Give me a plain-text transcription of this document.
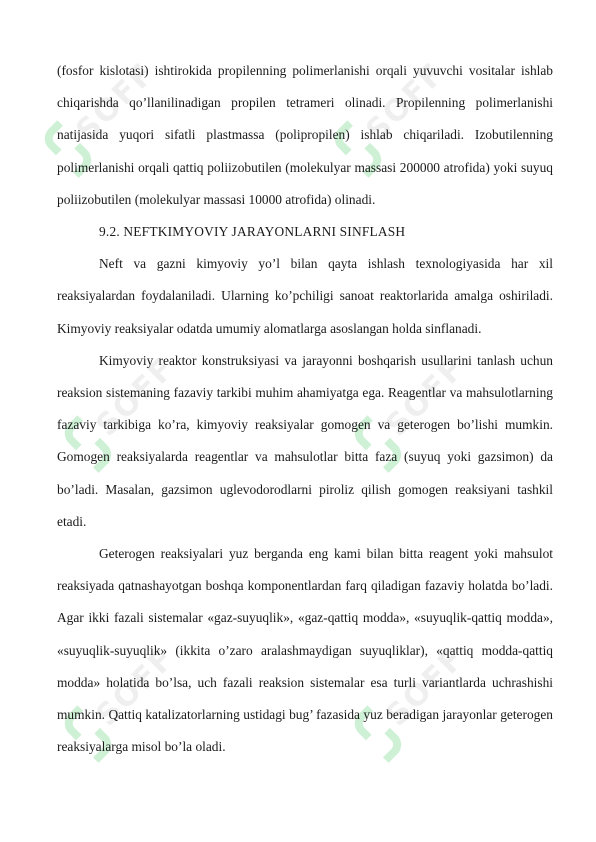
SOFF	SOFF
SOFF	SOFF
SOFF	SOFF

(fosfor kislotasi) ishtirokida propilenning polimerlanishi orqali yuvuvchi vositalar ishlab chiqarishda qo’llanilinadigan propilen tetrameri olinadi. Propilenning polimerlanishi natijasida yuqori sifatli plastmassa (polipropilen) ishlab chiqariladi. Izobutilenning polimerlanishi orqali qattiq poliizobutilen (molekulyar massasi 200000 atrofida) yoki suyuq poliizobutilen (molekulyar massasi 10000 atrofida) olinadi.

9.2. NEFTKIMYOVIY JARAYONLARNI SINFLASH

Neft va gazni kimyoviy yo’l bilan qayta ishlash texnologiyasida har xil reaksiyalardan foydalaniladi. Ularning ko’pchiligi sanoat reaktorlarida amalga oshiriladi. Kimyoviy reaksiyalar odatda umumiy alomatlarga asoslangan holda sinflanadi.

Kimyoviy reaktor konstruksiyasi va jarayonni boshqarish usullarini tanlash uchun reaksion sistemaning fazaviy tarkibi muhim ahamiyatga ega. Reagentlar va mahsulotlarning fazaviy tarkibiga ko’ra, kimyoviy reaksiyalar gomogen va geterogen bo’lishi mumkin. Gomogen reaksiyalarda reagentlar va mahsulotlar bitta faza (suyuq yoki gazsimon) da bo’ladi. Masalan, gazsimon uglevodorodlarni piroliz qilish gomogen reaksiyani tashkil etadi.

Geterogen reaksiyalari yuz berganda eng kami bilan bitta reagent yoki mahsulot reaksiyada qatnashayotgan boshqa komponentlardan farq qiladigan fazaviy holatda bo’ladi. Agar ikki fazali sistemalar «gaz-suyuqlik», «gaz-qattiq modda», «suyuqlik-qattiq modda», «suyuqlik-suyuqlik» (ikkita o’zaro aralashmaydigan suyuqliklar), «qattiq modda-qattiq modda» holatida bo’lsa, uch fazali reaksion sistemalar esa turli variantlarda uchrashishi mumkin. Qattiq katalizatorlarning ustidagi bug’ fazasida yuz beradigan jarayonlar geterogen reaksiyalarga misol bo’la oladi.
